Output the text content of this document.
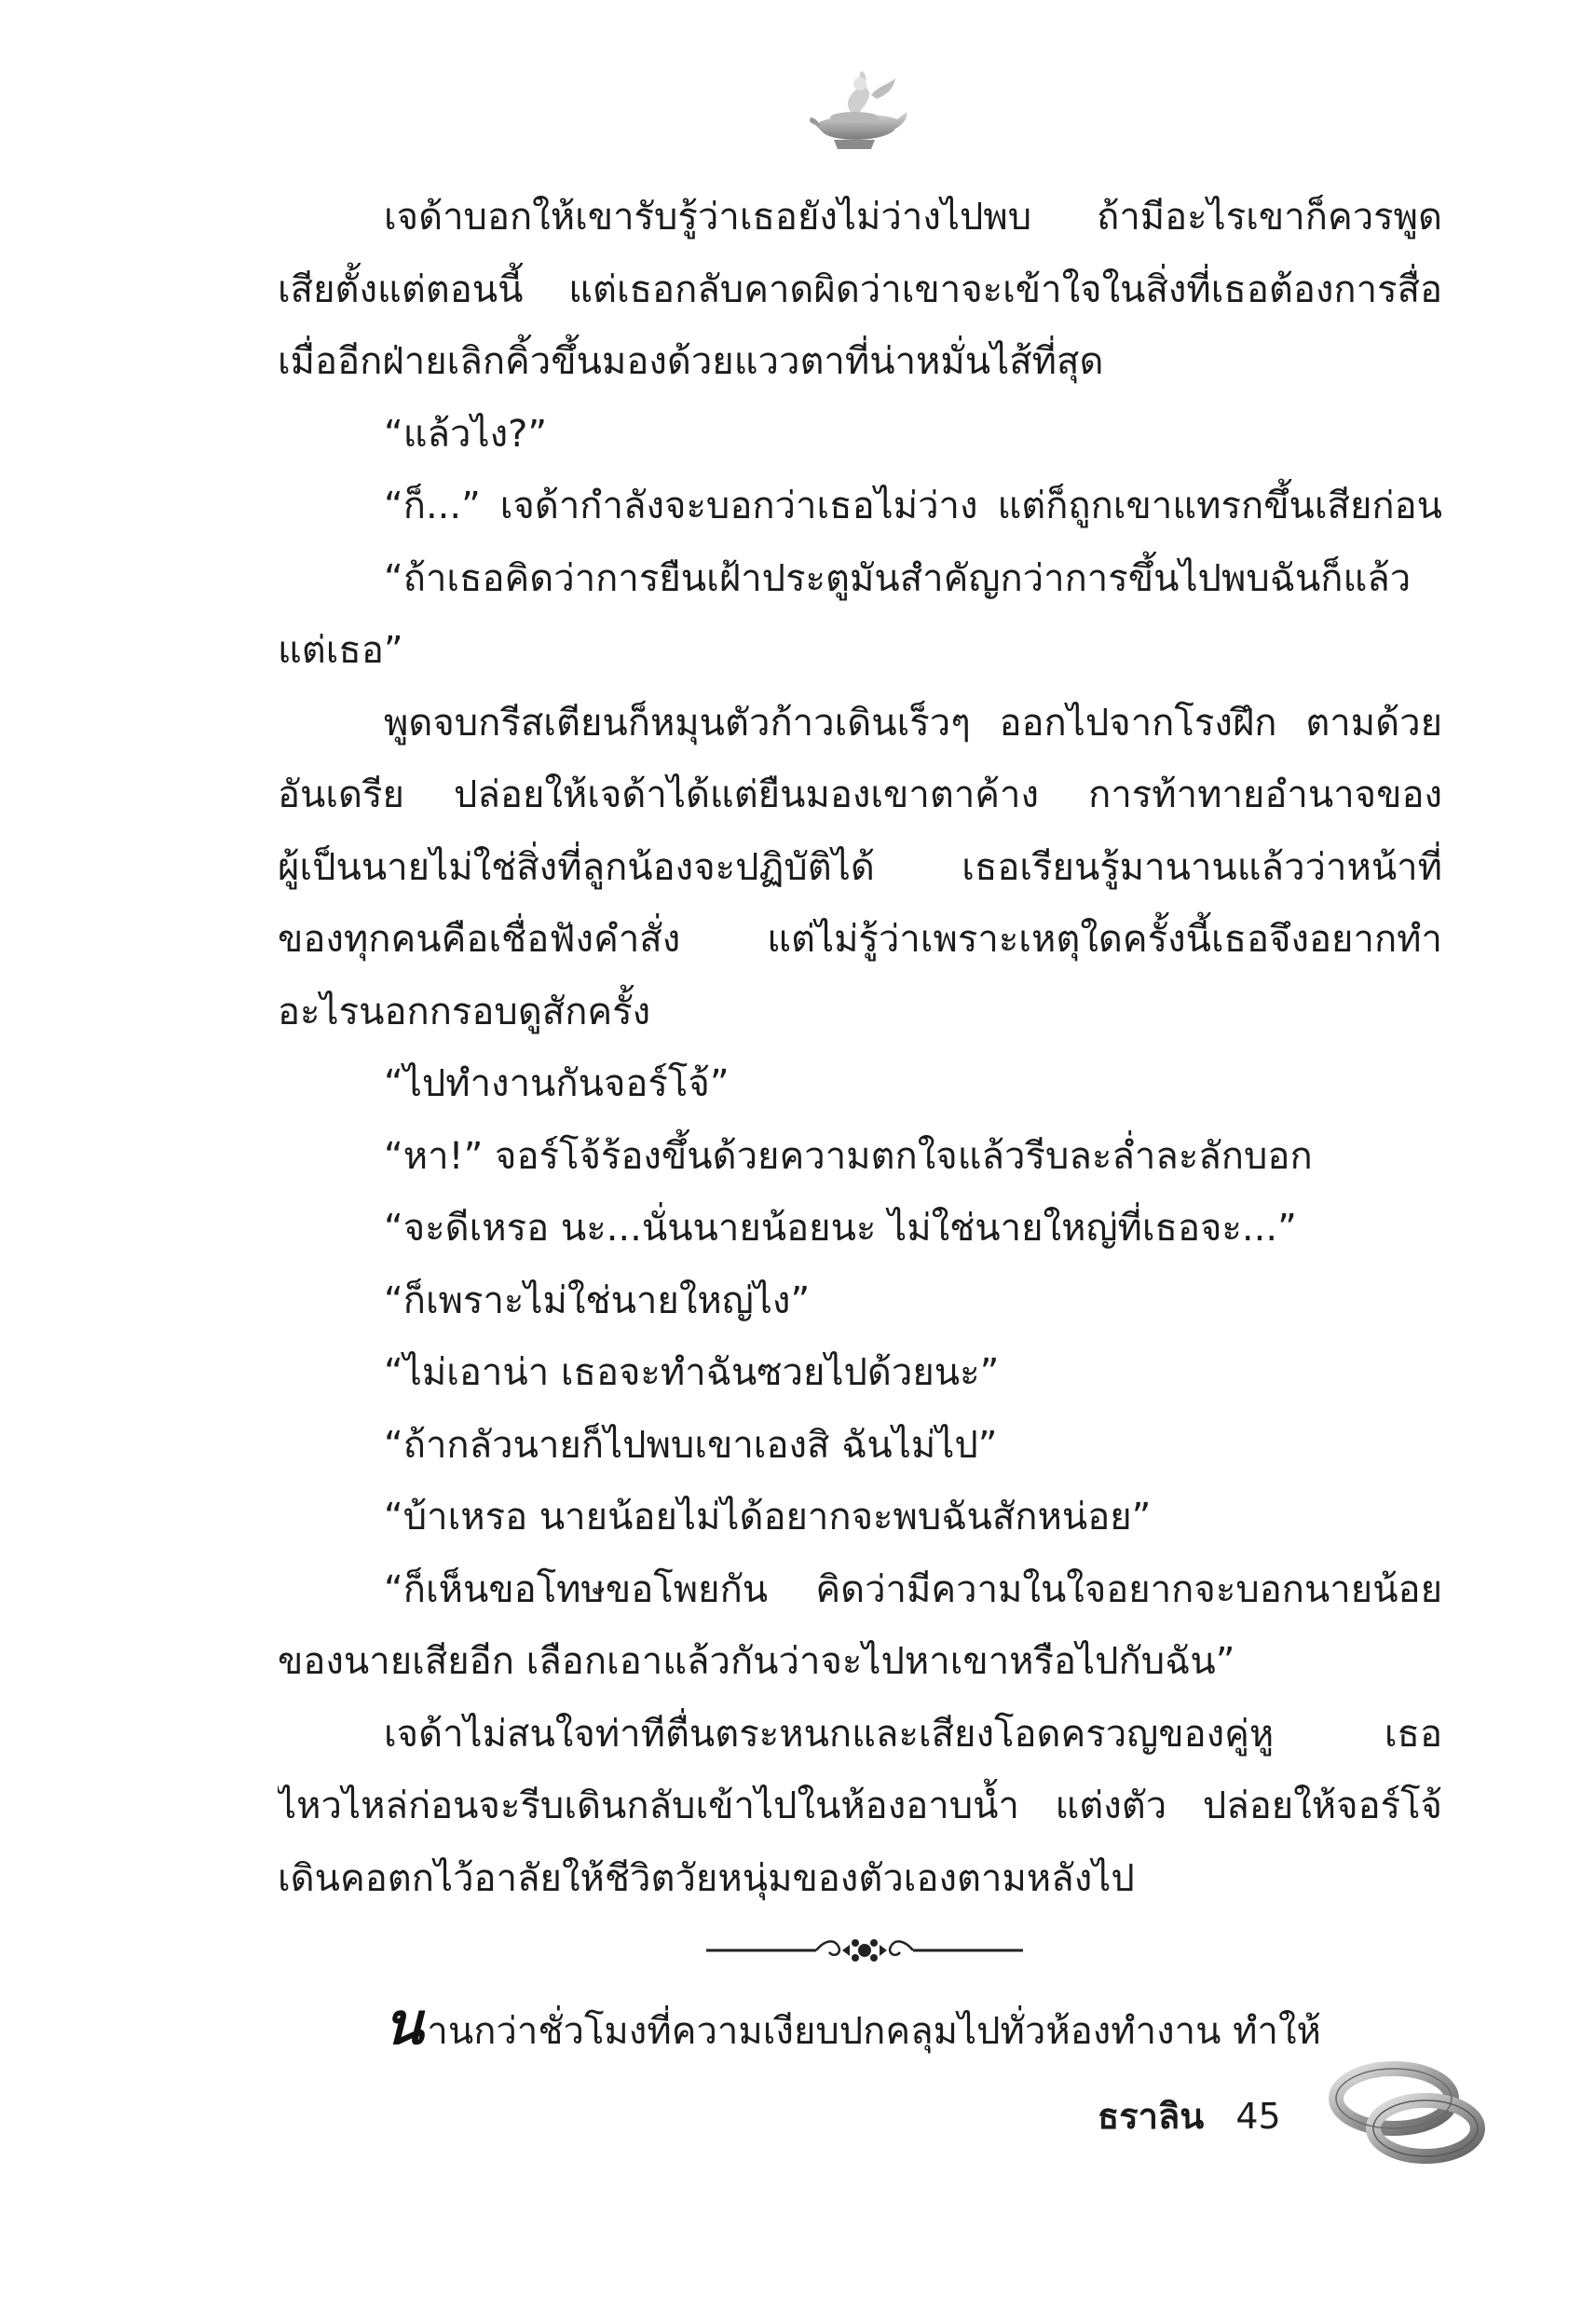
เจด้าบอกให้เขารับรู้ว่าเธอยังไม่ว่างไปพบ ถ้ามีอะไรเขาก็ควรพูด
เสียตั้งแต่ตอนนี้ แต่เธอกลับคาดผิดว่าเขาจะเข้าใจในสิ่งที่เธอต้องการสื่อ
เมื่ออีกฝ่ายเลิกคิ้วขึ้นมองด้วยแววตาที่น่าหมั่นไส้ที่สุด
“แล้วไง?”
“ก็...” เจด้ากำลังจะบอกว่าเธอไม่ว่าง แต่ก็ถูกเขาแทรกขึ้นเสียก่อน
“ถ้าเธอคิดว่าการยืนเฝ้าประตูมันสำคัญกว่าการขึ้นไปพบฉันก็แล้ว
แต่เธอ”
พูดจบกรีสเตียนก็หมุนตัวก้าวเดินเร็วๆ ออกไปจากโรงฝึก ตามด้วย
อันเดรีย ปล่อยให้เจด้าได้แต่ยืนมองเขาตาค้าง การท้าทายอำนาจของ
ผู้เป็นนายไม่ใช่สิ่งที่ลูกน้องจะปฏิบัติได้ เธอเรียนรู้มานานแล้วว่าหน้าที่
ของทุกคนคือเชื่อฟังคำสั่ง แต่ไม่รู้ว่าเพราะเหตุใดครั้งนี้เธอจึงอยากทำ
อะไรนอกกรอบดูสักครั้ง
“ไปทำงานกันจอร์โจ้”
“หา!” จอร์โจ้ร้องขึ้นด้วยความตกใจแล้วรีบละล่ำละลักบอก
“จะดีเหรอ นะ...นั่นนายน้อยนะ ไม่ใช่นายใหญ่ที่เธอจะ...”
“ก็เพราะไม่ใช่นายใหญ่ไง”
“ไม่เอาน่า เธอจะทำฉันซวยไปด้วยนะ”
“ถ้ากลัวนายก็ไปพบเขาเองสิ ฉันไม่ไป”
“บ้าเหรอ นายน้อยไม่ได้อยากจะพบฉันสักหน่อย”
“ก็เห็นขอโทษขอโพยกัน คิดว่ามีความในใจอยากจะบอกนายน้อย
ของนายเสียอีก เลือกเอาแล้วกันว่าจะไปหาเขาหรือไปกับฉัน”
เจด้าไม่สนใจท่าทีตื่นตระหนกและเสียงโอดครวญของคู่หู เธอ
ไหวไหล่ก่อนจะรีบเดินกลับเข้าไปในห้องอาบน้ำ แต่งตัว ปล่อยให้จอร์โจ้
เดินคอตกไว้อาลัยให้ชีวิตวัยหนุ่มของตัวเองตามหลังไป
นานกว่าชั่วโมงที่ความเงียบปกคลุมไปทั่วห้องทำงาน ทำให้
ธราลิน 45
